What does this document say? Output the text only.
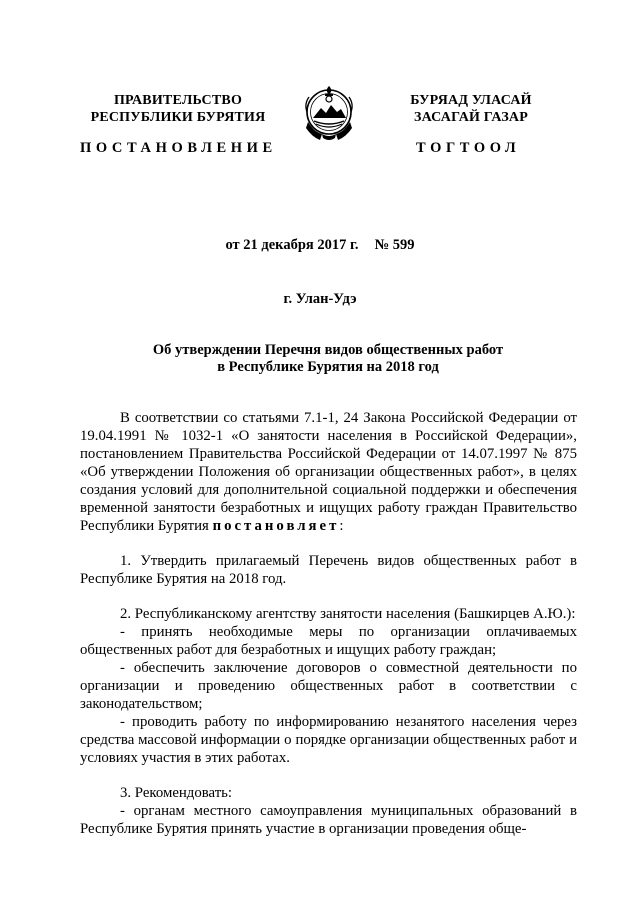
ПРАВИТЕЛЬСТВО
РЕСПУБЛИКИ БУРЯТИЯ
БУРЯАД УЛАСАЙ
ЗАСАГАЙ ГАЗАР
ПОСТАНОВЛЕНИЕ	ТОГТООЛ
от 21 декабря 2017 г. № 599
г. Улан-Удэ
Об утверждении Перечня видов общественных работ
в Республике Бурятия на 2018 год

В соответствии со статьями 7.1-1, 24 Закона Российской Федерации от 19.04.1991 № 1032-1 «О занятости населения в Российской Федерации», постановлением Правительства Российской Федерации от 14.07.1997 № 875 «Об утверждении Положения об организации общественных работ», в целях создания условий для дополнительной социальной поддержки и обеспечения временной занятости безработных и ищущих работу граждан Правительство Республики Бурятия постановляет:

1. Утвердить прилагаемый Перечень видов общественных работ в Республике Бурятия на 2018 год.

2. Республиканскому агентству занятости населения (Башкирцев А.Ю.):

- принять необходимые меры по организации оплачиваемых общественных работ для безработных и ищущих работу граждан;

- обеспечить заключение договоров о совместной деятельности по организации и проведению общественных работ в соответствии с законодательством;

- проводить работу по информированию незанятого населения через средства массовой информации о порядке организации общественных работ и условиях участия в этих работах.

3. Рекомендовать:

- органам местного самоуправления муниципальных образований в Республике Бурятия принять участие в организации проведения обще-
